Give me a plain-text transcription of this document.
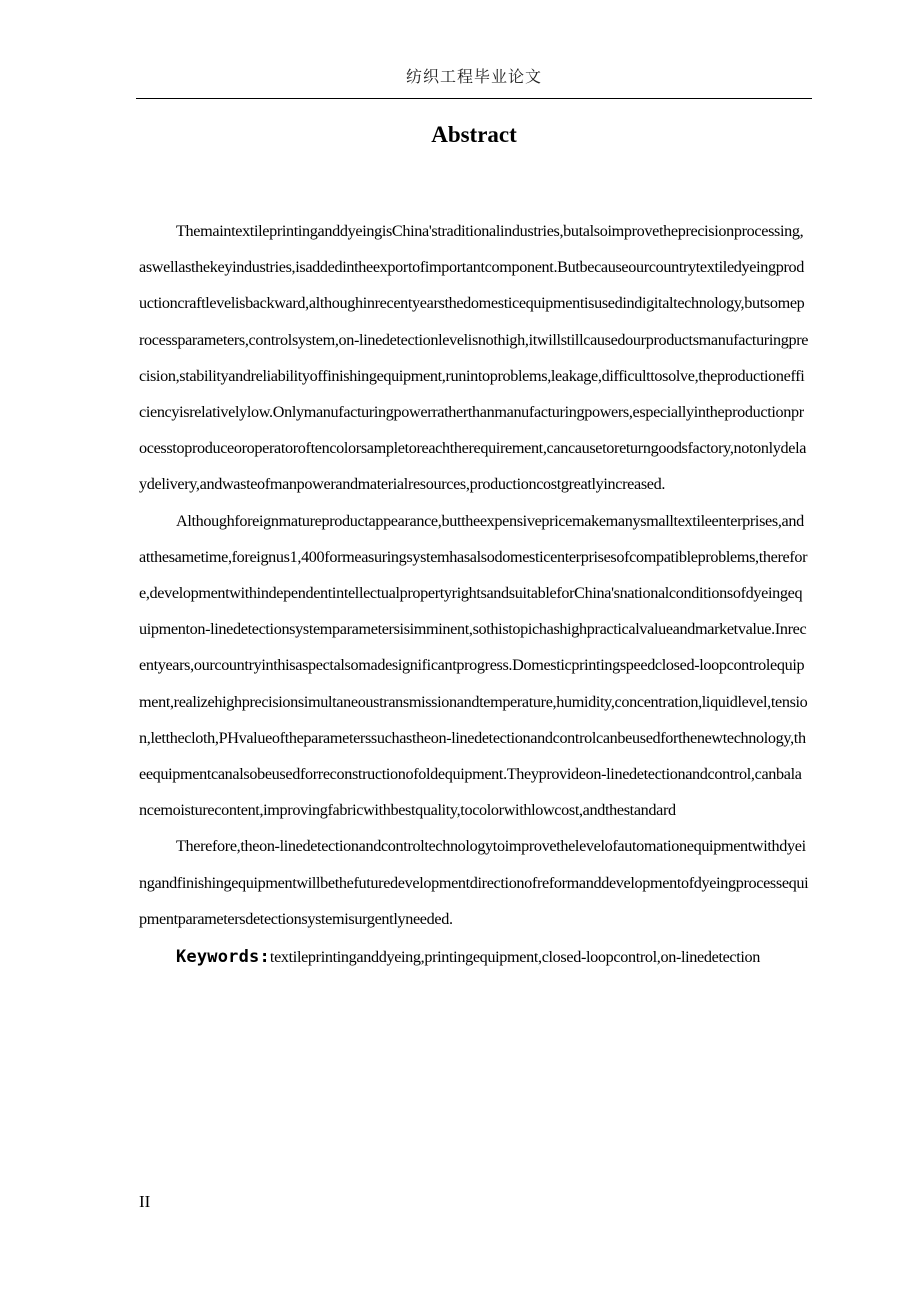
纺织工程毕业论文
Abstract

ThemaintextileprintinganddyeingisChina'straditionalindustries,butalsoimprovetheprecisionprocessing,aswellasthekeyindustries,isaddedintheexportofimportantcomponent.Butbecauseourcountrytextiledyeingproductioncraftlevelisbackward,althoughinrecentyearsthedomesticequipmentisusedindigitaltechnology,butsomeprocessparameters,controlsystem,on-linedetectionlevelisnothigh,itwillstillcausedourproductsmanufacturingprecision,stabilityandreliabilityoffinishingequipment,runintoproblems,leakage,difficulttosolve,theproductionefficiencyisrelativelylow.Onlymanufacturingpowerratherthanmanufacturingpowers,especiallyintheproductionprocesstoproduceoroperatoroftencolorsampletoreachtherequirement,cancausetoreturngoodsfactory,notonlydelaydelivery,andwasteofmanpowerandmaterialresources,productioncostgreatlyincreased.

Althoughforeignmatureproductappearance,buttheexpensivepricemakemanysmalltextileenterprises,andatthesametime,foreignus1,400formeasuringsystemhasalsodomesticenterprisesofcompatibleproblems,therefore,developmentwithindependentintellectualpropertyrightsandsuitableforChina'snationalconditionsofdyeingequipmenton-linedetectionsystemparametersisimminent,sothistopichashighpracticalvalueandmarketvalue.Inrecentyears,ourcountryinthisaspectalsomadesignificantprogress.Domesticprintingspeedclosed-loopcontrolequipment,realizehighprecisionsimultaneoustransmissionandtemperature,humidity,concentration,liquidlevel,tension,letthecloth,PHvalueoftheparameterssuchastheon-linedetectionandcontrolcanbeusedforthenewtechnology,theequipmentcanalsobeusedforreconstructionofoldequipment.Theyprovideon-linedetectionandcontrol,canbalancemoisturecontent,improvingfabricwithbestquality,tocolorwithlowcost,andthestandard

Therefore,theon-linedetectionandcontroltechnologytoimprovethelevelofautomationequipmentwithdyeingandfinishingequipmentwillbethefuturedevelopmentdirectionofreformanddevelopmentofdyeingprocessequipmentparametersdetectionsystemisurgentlyneeded.

Keywords:textileprintinganddyeing,printingequipment,closed-loopcontrol,on-linedetection

II
